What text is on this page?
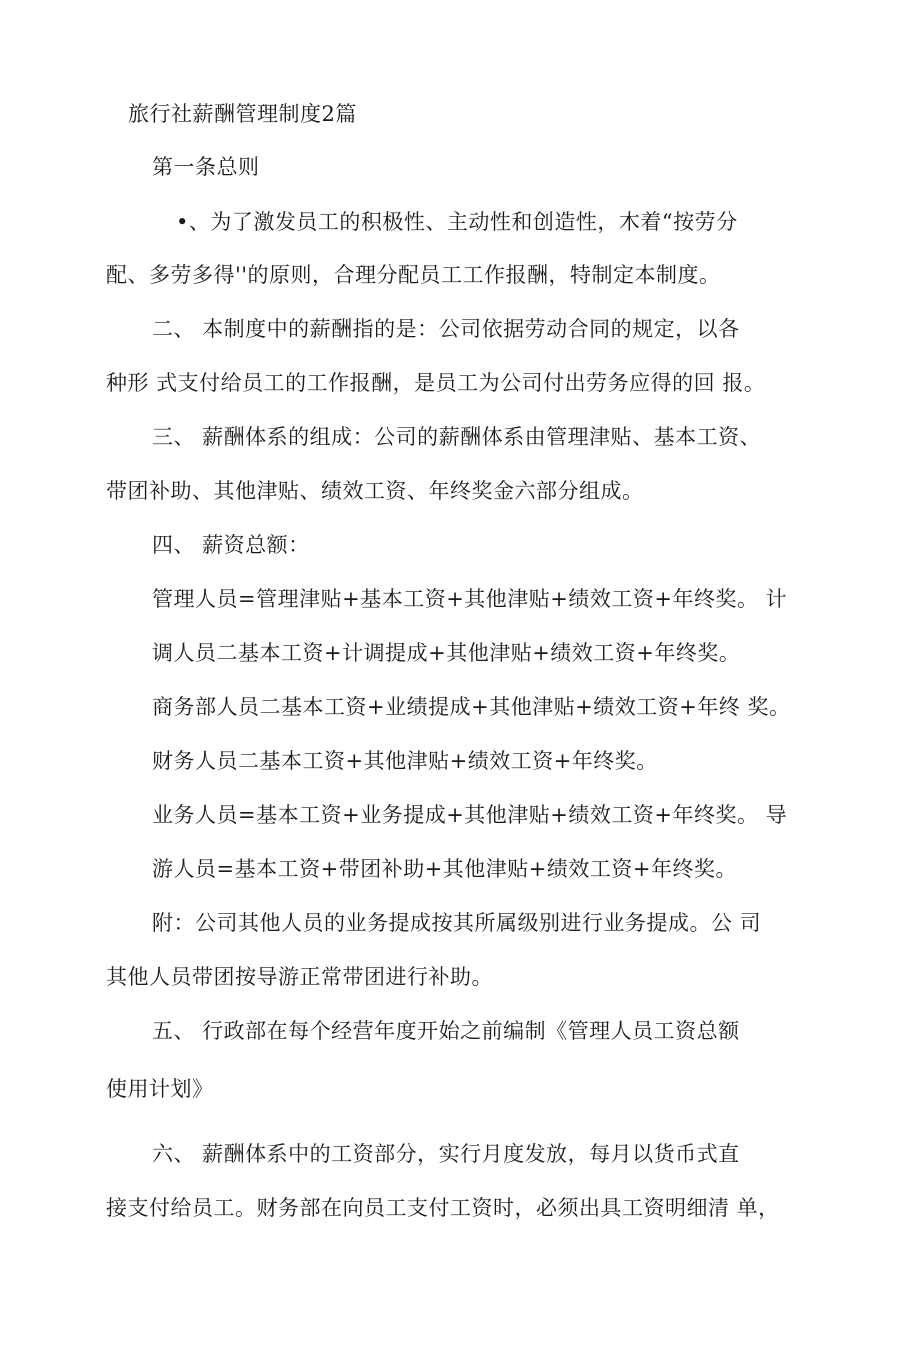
旅行社薪酬管理制度2篇
第一条总则
•、为了激发员工的积极性、主动性和创造性，木着“按劳分
配、多劳多得''的原则，合理分配员工工作报酬，特制定本制度。
二、 本制度中的薪酬指的是：公司依据劳动合同的规定，以各
种形 式支付给员工的工作报酬，是员工为公司付出劳务应得的回 报。
三、 薪酬体系的组成：公司的薪酬体系由管理津贴、基本工资、
带团补助、其他津贴、绩效工资、年终奖金六部分组成。
四、 薪资总额：
管理人员=管理津贴+基本工资+其他津贴+绩效工资+年终奖。 计
调人员二基本工资+计调提成+其他津贴+绩效工资+年终奖。
商务部人员二基本工资+业绩提成+其他津贴+绩效工资+年终 奖。
财务人员二基本工资+其他津贴+绩效工资+年终奖。
业务人员=基本工资+业务提成+其他津贴+绩效工资+年终奖。 导
游人员=基本工资+带团补助+其他津贴+绩效工资+年终奖。
附：公司其他人员的业务提成按其所属级别进行业务提成。公 司
其他人员带团按导游正常带团进行补助。
五、 行政部在每个经营年度开始之前编制《管理人员工资总额
使用计划》
六、 薪酬体系中的工资部分，实行月度发放，每月以货币式直
接支付给员工。财务部在向员工支付工资时，必须出具工资明细清 单，
